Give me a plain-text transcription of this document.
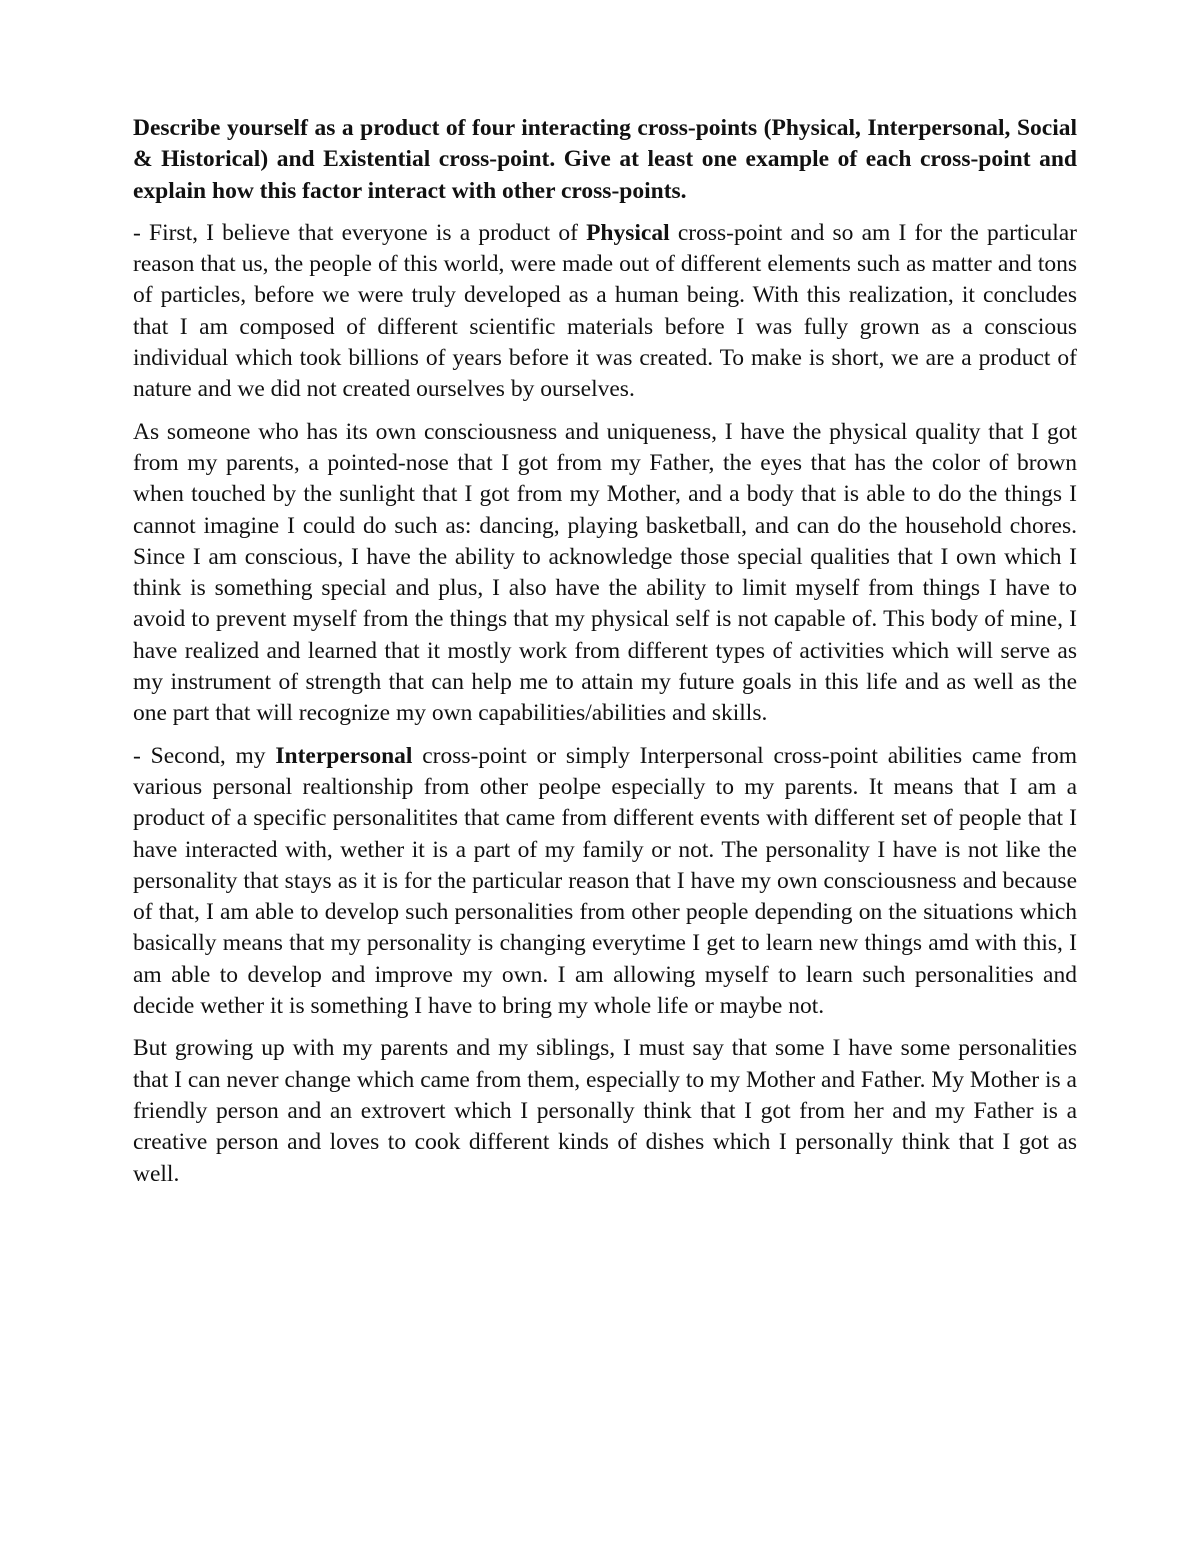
Describe yourself as a product of four interacting cross-points (Physical, Interpersonal, Social & Historical) and Existential cross-point. Give at least one example of each cross-point and explain how this factor interact with other cross-points.

- First, I believe that everyone is a product of Physical cross-point and so am I for the particular reason that us, the people of this world, were made out of different elements such as matter and tons of particles, before we were truly developed as a human being. With this realization, it concludes that I am composed of different scientific materials before I was fully grown as a conscious individual which took billions of years before it was created. To make is short, we are a product of nature and we did not created ourselves by ourselves.

As someone who has its own consciousness and uniqueness, I have the physical quality that I got from my parents, a pointed-nose that I got from my Father, the eyes that has the color of brown when touched by the sunlight that I got from my Mother, and a body that is able to do the things I cannot imagine I could do such as: dancing, playing basketball, and can do the household chores. Since I am conscious, I have the ability to acknowledge those special qualities that I own which I think is something special and plus, I also have the ability to limit myself from things I have to avoid to prevent myself from the things that my physical self is not capable of. This body of mine, I have realized and learned that it mostly work from different types of activities which will serve as my instrument of strength that can help me to attain my future goals in this life and as well as the one part that will recognize my own capabilities/abilities and skills.

- Second, my Interpersonal cross-point or simply Interpersonal cross-point abilities came from various personal realtionship from other peolpe especially to my parents. It means that I am a product of a specific personalitites that came from different events with different set of people that I have interacted with, wether it is a part of my family or not. The personality I have is not like the personality that stays as it is for the particular reason that I have my own consciousness and because of that, I am able to develop such personalities from other people depending on the situations which basically means that my personality is changing everytime I get to learn new things amd with this, I am able to develop and improve my own. I am allowing myself to learn such personalities and decide wether it is something I have to bring my whole life or maybe not.

But growing up with my parents and my siblings, I must say that some I have some personalities that I can never change which came from them, especially to my Mother and Father. My Mother is a friendly person and an extrovert which I personally think that I got from her and my Father is a creative person and loves to cook different kinds of dishes which I personally think that I got as well.
